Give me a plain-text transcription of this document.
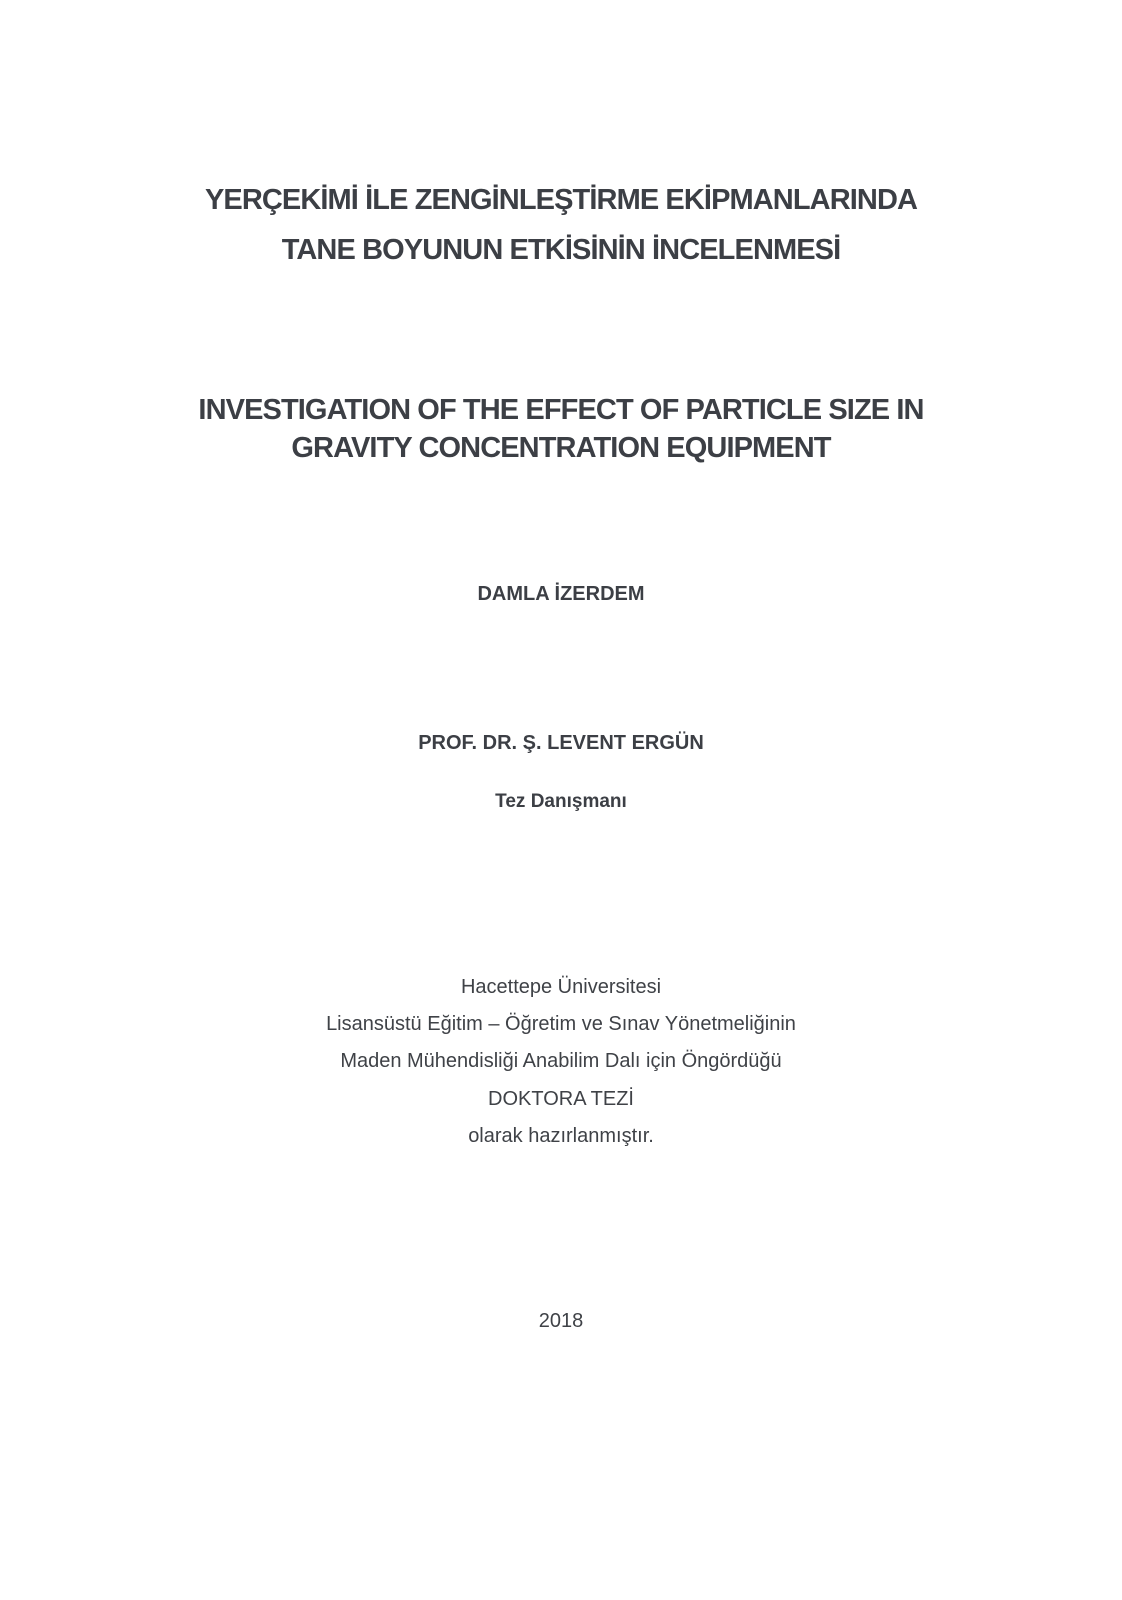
YERÇEKİMİ İLE ZENGİNLEŞTİRME EKİPMANLARINDA
TANE BOYUNUN ETKİSİNİN İNCELENMESİ
INVESTIGATION OF THE EFFECT OF PARTICLE SIZE IN
GRAVITY CONCENTRATION EQUIPMENT
DAMLA İZERDEM
PROF. DR. Ş. LEVENT ERGÜN
Tez Danışmanı
Hacettepe Üniversitesi
Lisansüstü Eğitim – Öğretim ve Sınav Yönetmeliğinin
Maden Mühendisliği Anabilim Dalı için Öngördüğü
DOKTORA TEZİ
olarak hazırlanmıştır.
2018
